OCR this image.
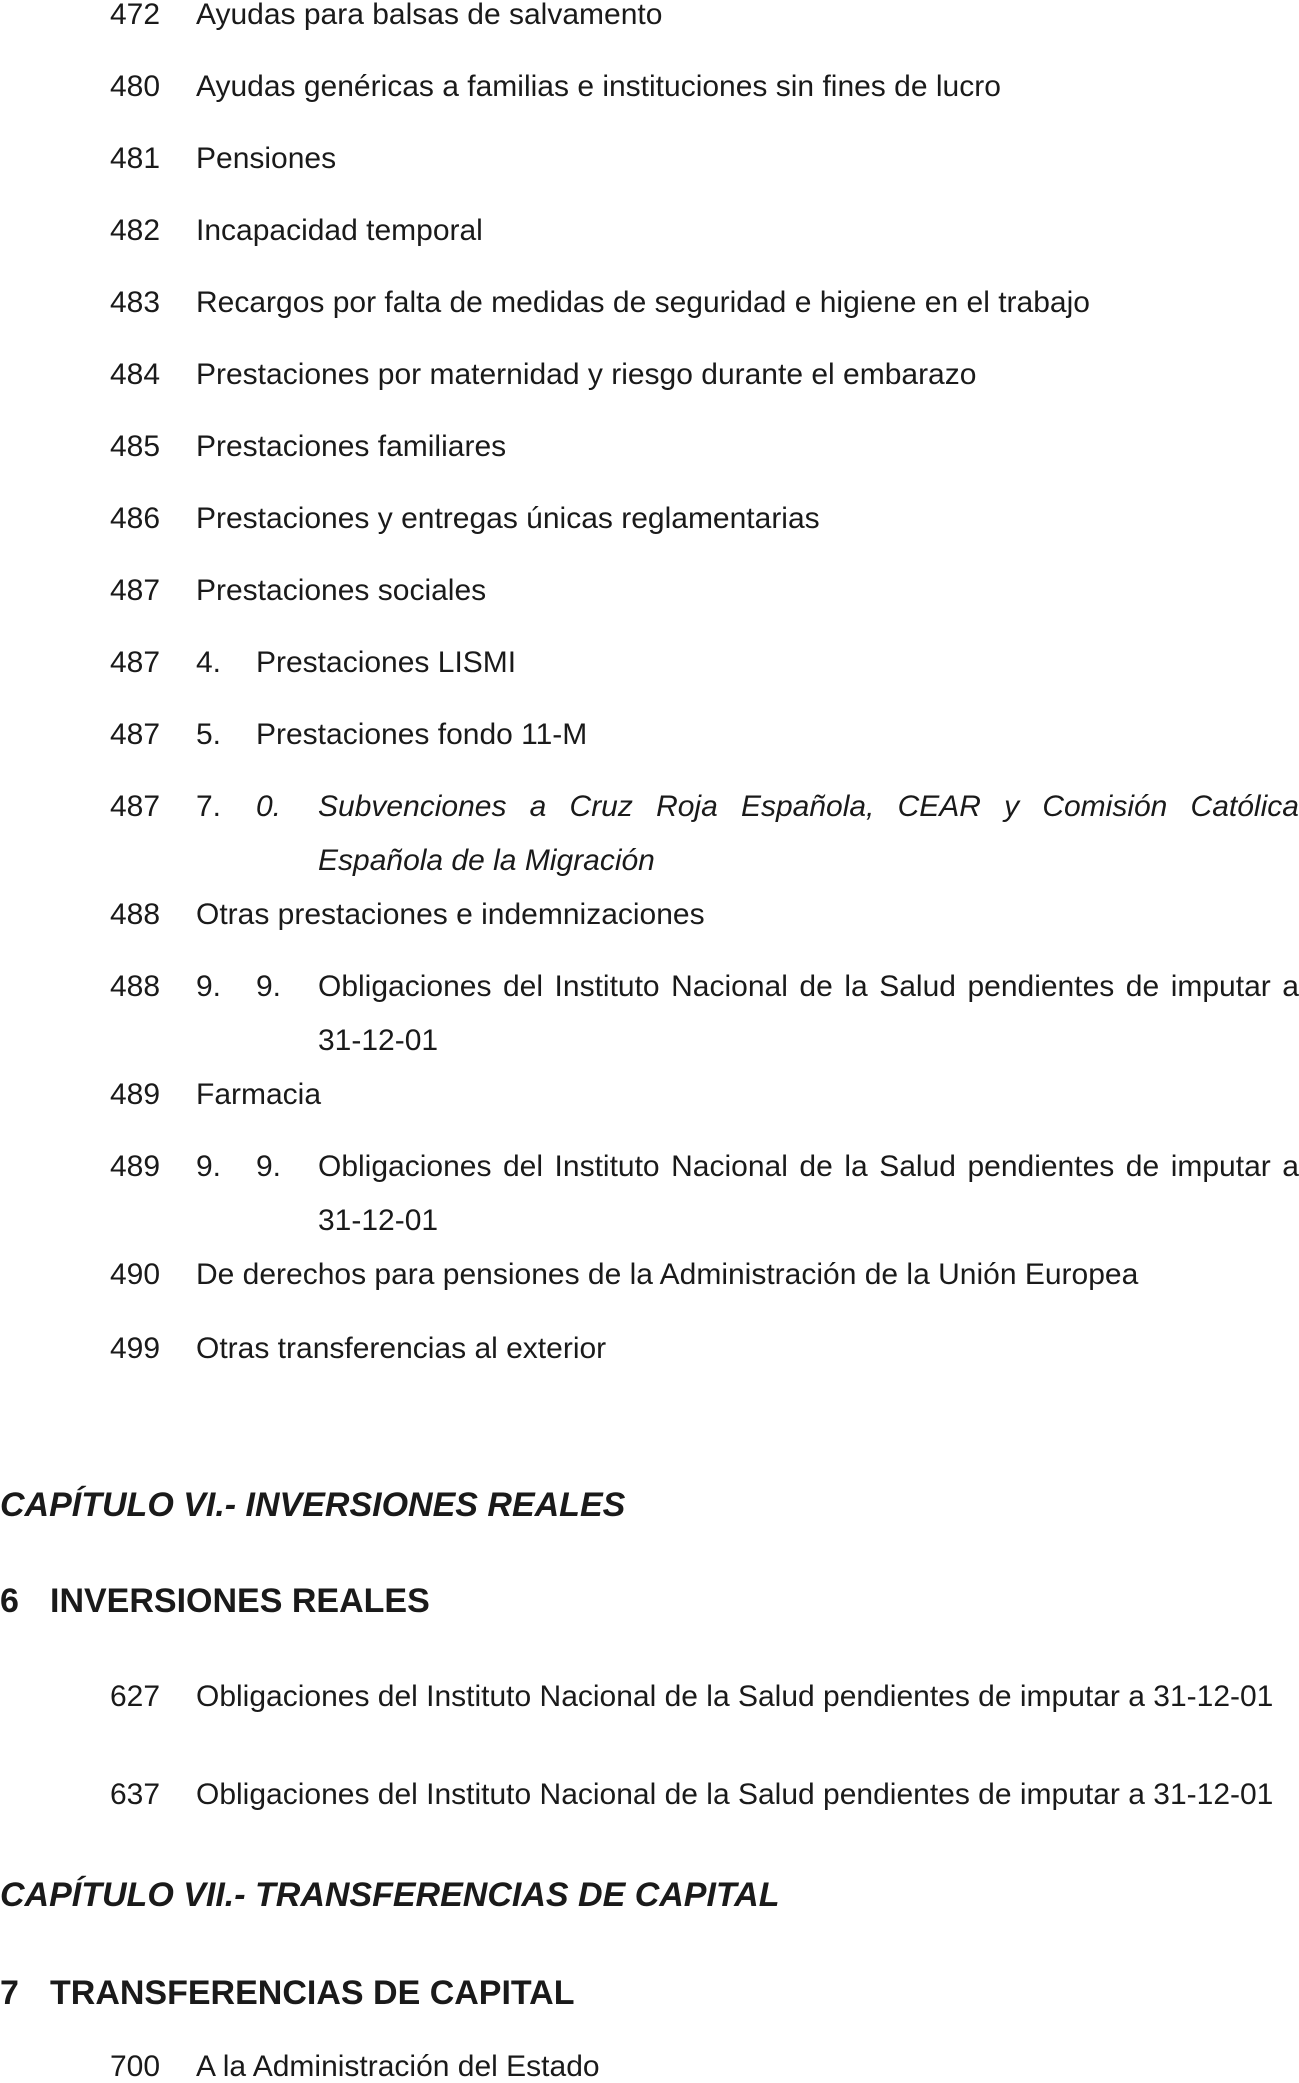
472 Ayudas para balsas de salvamento
480 Ayudas genéricas a familias e instituciones sin fines de lucro
481 Pensiones
482 Incapacidad temporal
483 Recargos por falta de medidas de seguridad e higiene en el trabajo
484 Prestaciones por maternidad y riesgo durante el embarazo
485 Prestaciones familiares
486 Prestaciones y entregas únicas reglamentarias
487 Prestaciones sociales
487 4. Prestaciones LISMI
487 5. Prestaciones fondo 11-M
487 7. 0. Subvenciones a Cruz Roja Española, CEAR y Comisión Católica
Española de la Migración
488 Otras prestaciones e indemnizaciones
488 9. 9. Obligaciones del Instituto Nacional de la Salud pendientes de imputar a
31-12-01
489 Farmacia
489 9. 9. Obligaciones del Instituto Nacional de la Salud pendientes de imputar a
31-12-01
490 De derechos para pensiones de la Administración de la Unión Europea
499 Otras transferencias al exterior
CAPÍTULO VI.- INVERSIONES REALES
6 INVERSIONES REALES
627 Obligaciones del Instituto Nacional de la Salud pendientes de imputar a 31-12-01
637 Obligaciones del Instituto Nacional de la Salud pendientes de imputar a 31-12-01
CAPÍTULO VII.- TRANSFERENCIAS DE CAPITAL
7 TRANSFERENCIAS DE CAPITAL
700 A la Administración del Estado
